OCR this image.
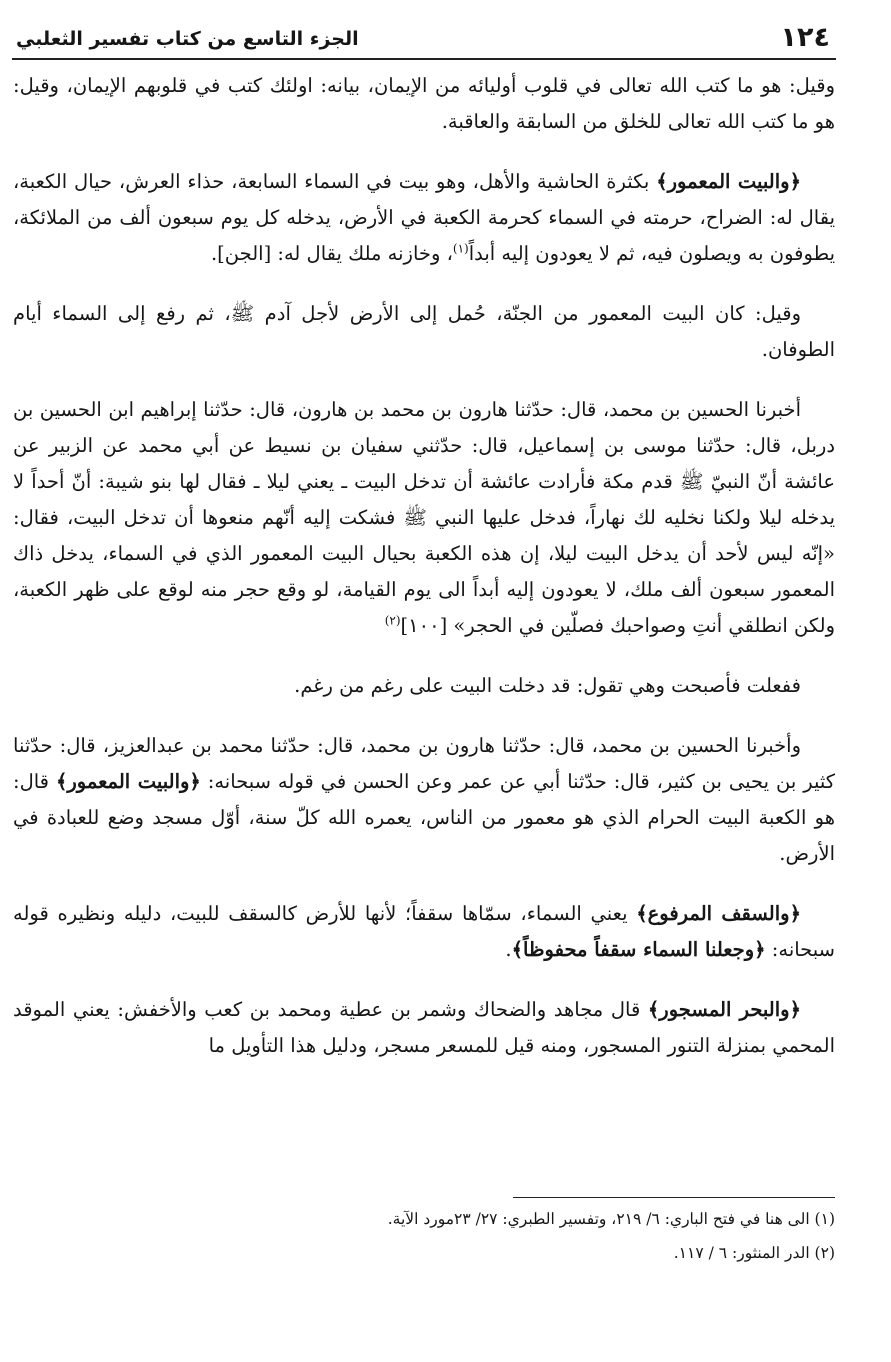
١٢٤
الجزء التاسع من كتاب تفسير الثعلبي

وقيل: هو ما كتب الله تعالى في قلوب أوليائه من الإيمان، بيانه: اولئك كتب في قلوبهم الإيمان، وقيل: هو ما كتب الله تعالى للخلق من السابقة والعاقبة.

﴿والبيت المعمور﴾ بكثرة الحاشية والأهل، وهو بيت في السماء السابعة، حذاء العرش، حيال الكعبة، يقال له: الضراح، حرمته في السماء كحرمة الكعبة في الأرض، يدخله كل يوم سبعون ألف من الملائكة، يطوفون به ويصلون فيه، ثم لا يعودون إليه أبداً$^{(١)}$، وخازنه ملك يقال له: [الجن].

وقيل: كان البيت المعمور من الجنّة، حُمل إلى الأرض لأجل آدم ﷺ، ثم رفع إلى السماء أيام الطوفان.

أخبرنا الحسين بن محمد، قال: حدّثنا هارون بن محمد بن هارون، قال: حدّثنا إبراهيم ابن الحسين بن دربل، قال: حدّثنا موسى بن إسماعيل، قال: حدّثني سفيان بن نسيط عن أبي محمد عن الزبير عن عائشة أنّ النبيّ ﷺ قدم مكة فأرادت عائشة أن تدخل البيت ـ يعني ليلا ـ فقال لها بنو شيبة: أنّ أحداً لا يدخله ليلا ولكنا نخليه لك نهاراً، فدخل عليها النبي ﷺ فشكت إليه أنّهم منعوها أن تدخل البيت، فقال: «إنّه ليس لأحد أن يدخل البيت ليلا، إن هذه الكعبة بحيال البيت المعمور الذي في السماء، يدخل ذاك المعمور سبعون ألف ملك، لا يعودون إليه أبداً الى يوم القيامة، لو وقع حجر منه لوقع على ظهر الكعبة، ولكن انطلقي أنتِ وصواحبك فصلّين في الحجر» [١٠٠]$^{(٢)}$

ففعلت فأصبحت وهي تقول: قد دخلت البيت على رغم من رغم.

وأخبرنا الحسين بن محمد، قال: حدّثنا هارون بن محمد، قال: حدّثنا محمد بن عبدالعزيز، قال: حدّثنا كثير بن يحيى بن كثير، قال: حدّثنا أبي عن عمر وعن الحسن في قوله سبحانه: ﴿والبيت المعمور﴾ قال: هو الكعبة البيت الحرام الذي هو معمور من الناس، يعمره الله كلّ سنة، أوّل مسجد وضع للعبادة في الأرض.

﴿والسقف المرفوع﴾ يعني السماء، سمّاها سقفاً؛ لأنها للأرض كالسقف للبيت، دليله ونظيره قوله سبحانه: ﴿وجعلنا السماء سقفاً محفوظاً﴾.

﴿والبحر المسجور﴾ قال مجاهد والضحاك وشمر بن عطية ومحمد بن كعب والأخفش: يعني الموقد المحمي بمنزلة التنور المسجور، ومنه قيل للمسعر مسجر، ودليل هذا التأويل ما

(١) الى هنا في فتح الباري: ٦/ ٢١٩، وتفسير الطبري: ٢٧/ ٢٣مورد الآية.

(٢) الدر المنثور: ٦ / ١١٧.
